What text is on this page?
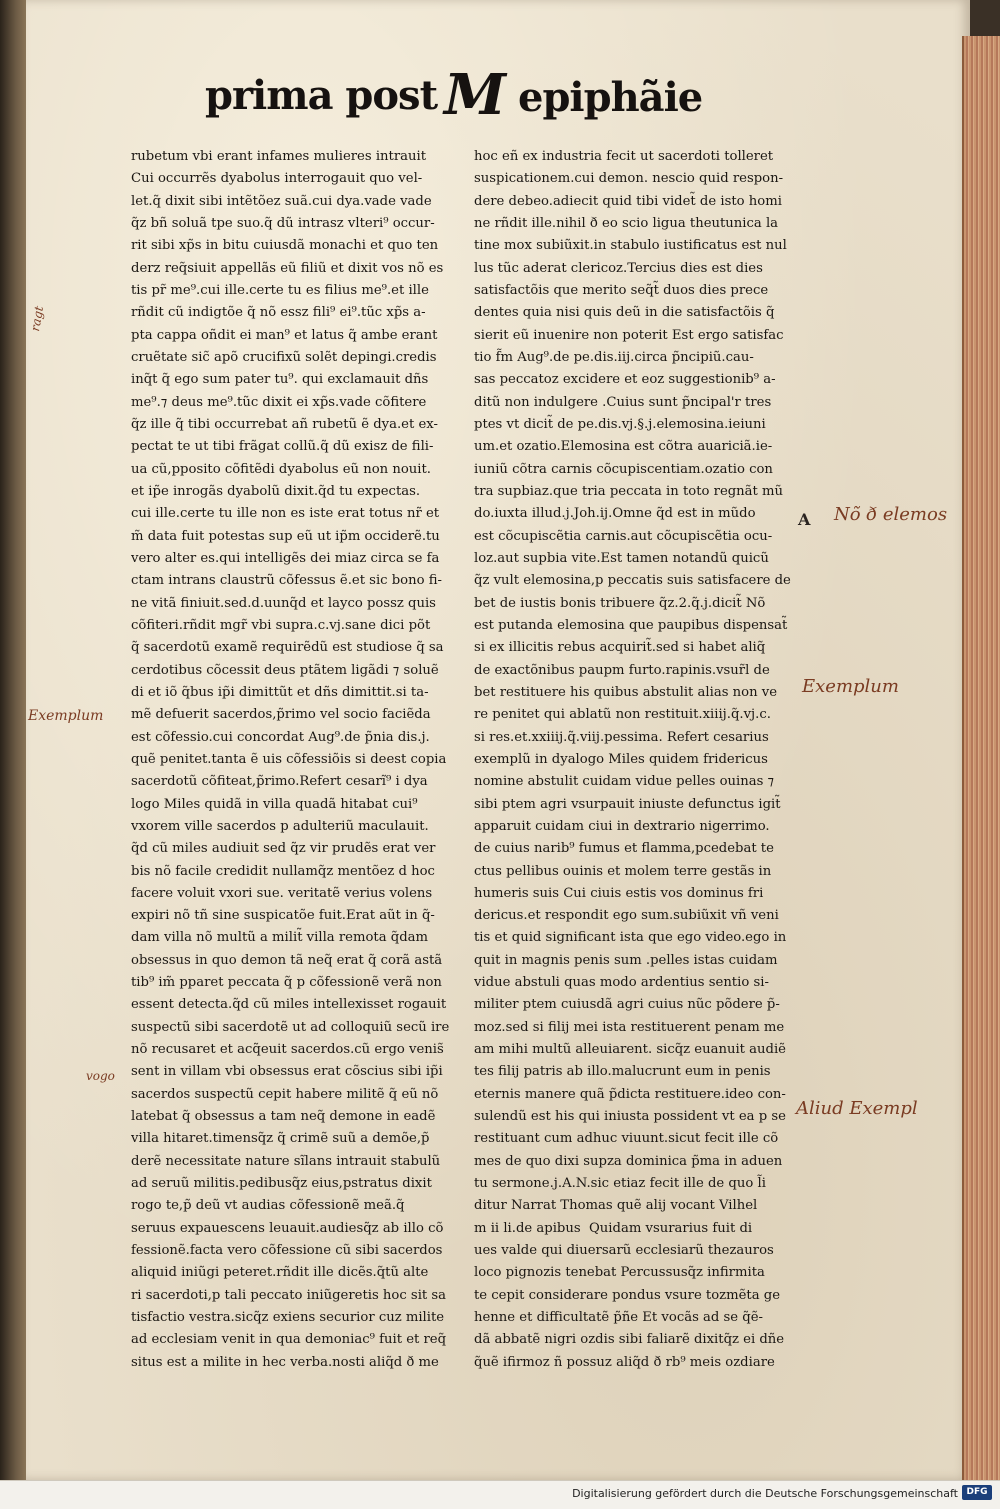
prima post M epiphãie
rubetum vbi erant infames mulieres intrauit
Cui occurrẽs dyabolus interrogauit quo vel-
let.q̃ dixit sibi intẽtõez suã.cui dya.vade vade
q̃z bñ soluã tpe suo.q̃ dũ intrasz vlteri⁹ occur-
rit sibi xp̃s in bitu cuiusdã monachi et quo ten
derz req̃siuit appellãs eũ filiũ et dixit vos nõ es
tis pr̃ me⁹.cui ille.certe tu es filius me⁹.et ille
rñdit cũ indigtõe q̃ nõ essz fili⁹ ei⁹.tũc xp̃s a-
pta cappa oñdit ei man⁹ et latus q̃ ambe erant
cruẽtate sic̃ apõ crucifixũ solẽt depingi.credis
inq̃t q̃ ego sum pater tu⁹. qui exclamauit dñs
me⁹.⁊ deus me⁹.tũc dixit ei xp̃s.vade cõfitere
q̃z ille q̃ tibi occurrebat añ rubetũ ẽ dya.et ex-
pectat te ut tibi frãgat collũ.q̃ dũ exisz de fili-
ua cũ,pposito cõfitẽdi dyabolus eũ non nouit.
et ip̃e inrogãs dyabolũ dixit.q̃d tu expectas.
cui ille.certe tu ille non es iste erat totus nr̃ et
m̃ data fuit potestas sup eũ ut ip̃m occiderẽ.tu
vero alter es.qui intelligẽs dei miaz circa se fa
ctam intrans claustrũ cõfessus ẽ.et sic bono fi-
ne vitã finiuit.sed.d.uunq̃d et layco possz quis
cõfiteri.rñdit mgr̃ vbi supra.c.vj.sane dici põt
q̃ sacerdotũ examẽ requirẽdũ est studiose q̃ sa
cerdotibus cõcessit deus ptãtem ligãdi ⁊ soluẽ
di et iõ q̃bus ip̃i dimittũt et dñs dimittit.si ta-
mẽ defuerit sacerdos,p̃rimo vel socio faciẽda
est cõfessio.cui concordat Aug⁹.de p̃nia dis.j.
quẽ penitet.tanta ẽ uis cõfessiõis si deest copia
sacerdotũ cõfiteat,p̃rimo.Refert cesarĩ⁹ i dya
logo Miles quidã in villa quadã hitabat cui⁹
vxorem ville sacerdos p adulteriũ maculauit.
q̃d cũ miles audiuit sed q̃z vir prudẽs erat ver
bis nõ facile credidit nullamq̃z mentõez d hoc
facere voluit vxori sue. veritatẽ verius volens
expiri nõ tñ sine suspicatõe fuit.Erat aũt in q̃-
dam villa nõ multũ a milit̃ villa remota q̃dam
obsessus in quo demon tã neq̃ erat q̃ corã astã
tib⁹ im̃ pparet peccata q̃ p cõfessionẽ verã non
essent detecta.q̃d cũ miles intellexisset rogauit
suspectũ sibi sacerdotẽ ut ad colloquiũ secũ ire
nõ recusaret et acq̃euit sacerdos.cũ ergo venis̃
sent in villam vbi obsessus erat cõscius sibi ip̃i
sacerdos suspectũ cepit habere militẽ q̃ eũ nõ
latebat q̃ obsessus a tam neq̃ demone in eadẽ
villa hitaret.timensq̃z q̃ crimẽ suũ a demõe,p̃
derẽ necessitate nature sĩlans intrauit stabulũ
ad seruũ militis.pedibusq̃z eius,pstratus dixit
rogo te,p̃ deũ vt audias cõfessionẽ meã.q̃
seruus expauescens leuauit.audiesq̃z ab illo cõ
fessionẽ.facta vero cõfessione cũ sibi sacerdos
aliquid iniũgi peteret.rñdit ille dicẽs.q̃tũ alte
ri sacerdoti,p tali peccato iniũgeretis hoc sit sa
tisfactio vestra.sicq̃z exiens securior cuz milite
ad ecclesiam venit in qua demoniac⁹ fuit et req̃
situs est a milite in hec verba.nosti aliq̃d ð me
hoc eñ ex industria fecit ut sacerdoti tolleret
suspicationem.cui demon. nescio quid respon-
dere debeo.adiecit quid tibi videt̃ de isto homi
ne rñdit ille.nihil ð eo scio ligua theutunica la
tine mox subiũxit.in stabulo iustificatus est nul
lus tũc aderat clericoz.Tercius dies est dies
satisfactõis que merito seq̃t̃ duos dies prece
dentes quia nisi quis deũ in die satisfactõis q̃
sierit eũ inuenire non poterit Est ergo satisfac
tio f̃m Aug⁹.de pe.dis.iij.circa p̃ncipiũ.cau-
sas peccatoz excidere et eoz suggestionib⁹ a-
ditũ non indulgere .Cuius sunt p̃ncipal'r tres
ptes vt dicit̃ de pe.dis.vj.§.j.elemosina.ieiuni
um.et ozatio.Elemosina est cõtra auariciã.ie-
iuniũ cõtra carnis cõcupiscentiam.ozatio con
tra supbiaz.que tria peccata in toto regnãt mũ
do.iuxta illud.j.Joh.ij.Omne q̃d est in mũdo
est cõcupiscẽtia carnis.aut cõcupiscẽtia ocu-
loz.aut supbia vite.Est tamen notandũ quicũ
q̃z vult elemosina,p peccatis suis satisfacere de
bet de iustis bonis tribuere q̃z.2.q̃.j.dicit̃ Nõ
est putanda elemosina que paupibus dispensat̃
si ex illicitis rebus acquirit̃.sed si habet aliq̃
de exactõnibus paupm furto.rapinis.vsur̃l de
bet restituere his quibus abstulit alias non ve
re penitet qui ablatũ non restituit.xiiij.q̃.vj.c.
si res.et.xxiiij.q̃.viij.pessima. Refert cesarius
exemplũ in dyalogo Miles quidem fridericus
nomine abstulit cuidam vidue pelles ouinas ⁊
sibi ptem agri vsurpauit iniuste defunctus igit̃
apparuit cuidam ciui in dextrario nigerrimo.
de cuius narib⁹ fumus et flamma,pcedebat te
ctus pellibus ouinis et molem terre gestãs in
humeris suis Cui ciuis estis vos dominus fri
dericus.et respondit ego sum.subiũxit vñ veni
tis et quid significant ista que ego video.ego in
quit in magnis penis sum .pelles istas cuidam
vidue abstuli quas modo ardentius sentio si-
militer ptem cuiusdã agri cuius nũc põdere p̃-
moz.sed si filij mei ista restituerent penam me
am mihi multũ alleuiarent. sicq̃z euanuit audiẽ
tes filij patris ab illo.malucrunt eum in penis
eternis manere quã p̃dicta restituere.ideo con-
sulendũ est his qui iniusta possident vt ea p se
restituant cum adhuc viuunt.sicut fecit ille cõ
mes de quo dixi supza dominica p̃ma in aduen
tu sermone.j.A.N.sic etiaz fecit ille de quo l̃i
ditur Narrat Thomas quẽ alij vocant Vilhel
m ii li.de apibus  Quidam vsurarius fuit di
ues valde qui diuersarũ ecclesiarũ thezauros
loco pignozis tenebat Percussusq̃z infirmita
te cepit considerare pondus vsure tozmẽta ge
henne et difficultatẽ p̃ñe Et vocãs ad se q̃ẽ-
dã abbatẽ nigri ozdis sibi faliarẽ dixitq̃z ei dñe
q̃uẽ ifirmoz ñ possuz aliq̃d ð rb⁹ meis ozdiare
ragt
Exemplum
vogo
A Nõ ð elemos
Exemplum
Aliud Exempl
Digitalisierung gefördert durch die Deutsche Forschungsgemeinschaft DFG
